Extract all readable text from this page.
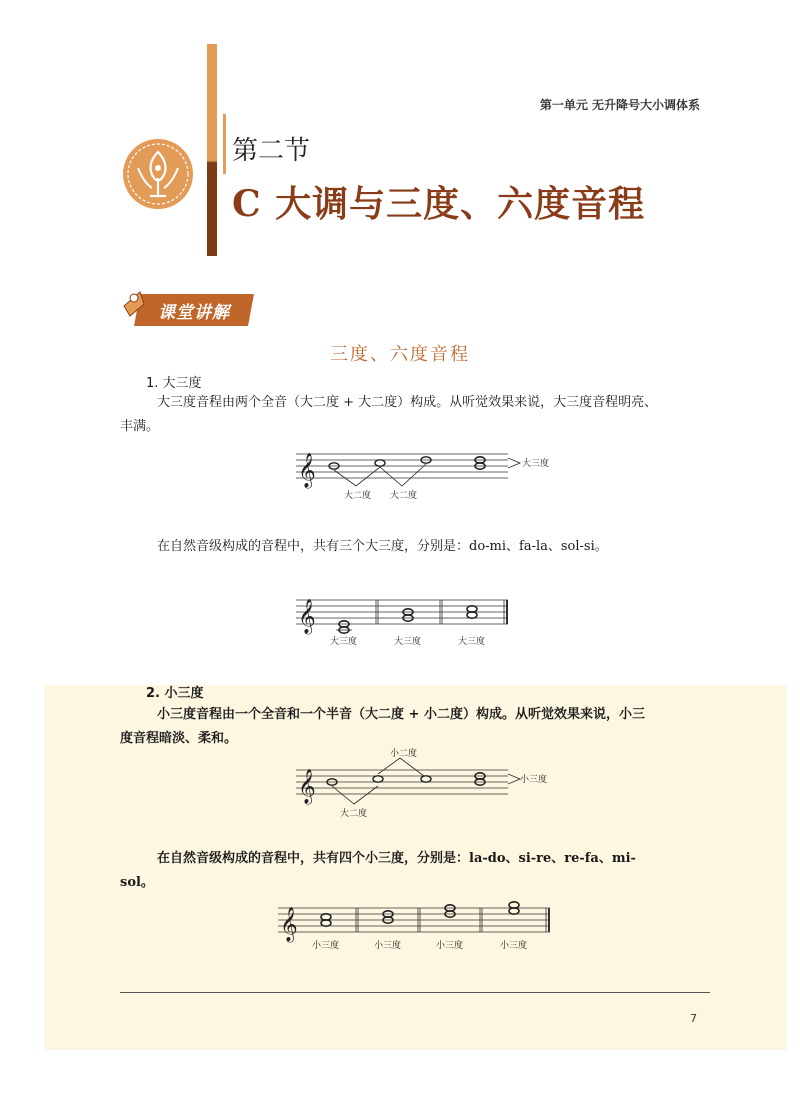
第一单元 无升降号大小调体系
第二节
C 大调与三度、六度音程
课堂讲解
三度、六度音程
1. 大三度
大三度音程由两个全音（大二度 + 大二度）构成。从听觉效果来说，大三度音程明亮、
丰满。
𝄞
大二度 大二度
大三度
在自然音级构成的音程中，共有三个大三度，分别是：do-mi、fa-la、sol-si。
𝄞
大三度	大三度	大三度
2. 小三度
小三度音程由一个全音和一个半音（大二度 + 小二度）构成。从听觉效果来说，小三
度音程暗淡、柔和。
𝄞
小二度
大二度
小三度
在自然音级构成的音程中，共有四个小三度，分别是：la-do、si-re、re-fa、mi-
sol。
𝄞
小三度	小三度	小三度	小三度
7
